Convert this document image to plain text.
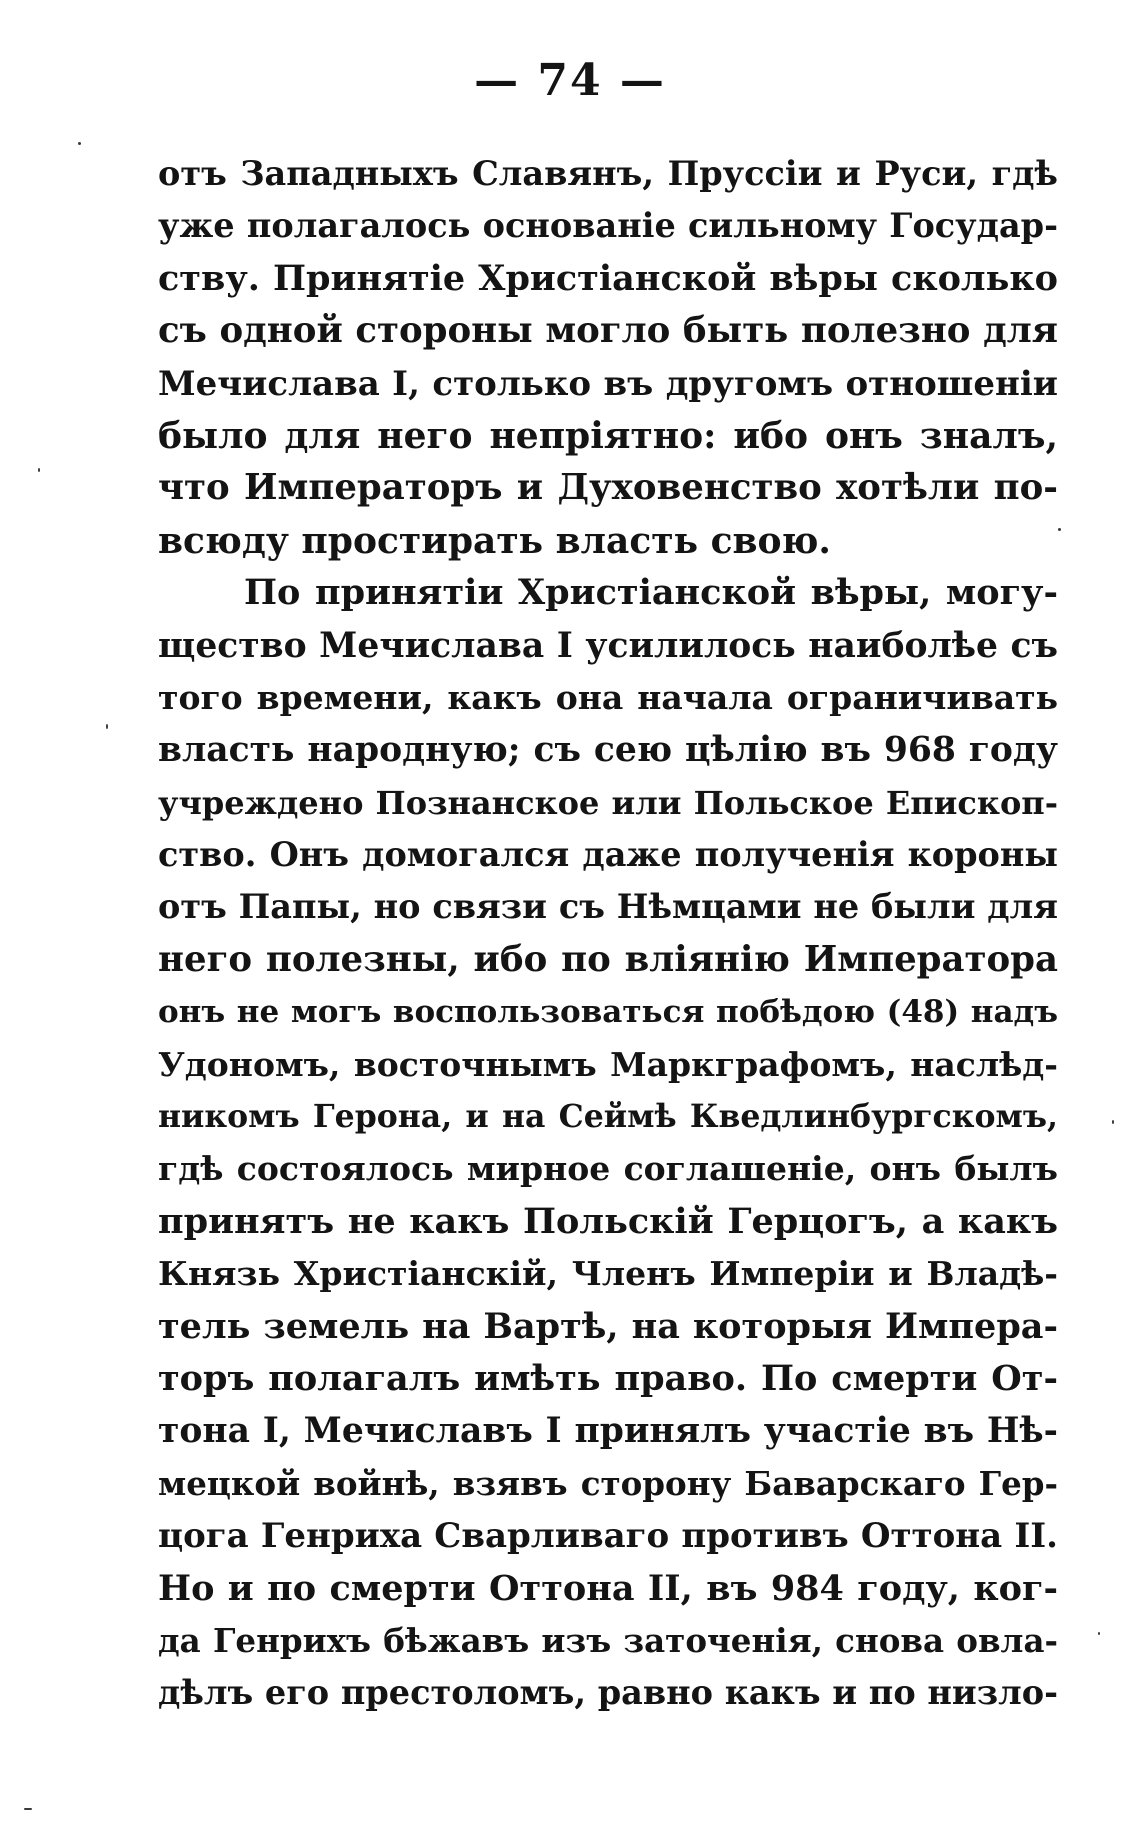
— 74 —
отъ Западныхъ Славянъ, Пруссіи и Руси, гдѣ
уже полагалось основаніе сильному Государ-
ству. Принятіе Христіанской вѣры сколько
съ одной стороны могло быть полезно для
Мечислава I, столько въ другомъ отношеніи
было для него непріятно: ибо онъ зналъ,
что Императоръ и Духовенство хотѣли по-
всюду простирать власть свою.
По принятіи Христіанской вѣры, могу-
щество Мечислава I усилилось наиболѣе съ
того времени, какъ она начала ограничивать
власть народную; съ сею цѣлію въ 968 году
учреждено Познанское или Польское Епископ-
ство. Онъ домогался даже полученія короны
отъ Папы, но связи съ Нѣмцами не были для
него полезны, ибо по вліянію Императора
онъ не могъ воспользоваться побѣдою (48) надъ
Удономъ, восточнымъ Маркграфомъ, наслѣд-
никомъ Герона, и на Сеймѣ Кведлинбургскомъ,
гдѣ состоялось мирное соглашеніе, онъ былъ
принятъ не какъ Польскій Герцогъ, а какъ
Князь Христіанскій, Членъ Имперіи и Владѣ-
тель земель на Вартѣ, на которыя Импера-
торъ полагалъ имѣть право. По смерти От-
тона I, Мечиславъ I принялъ участіе въ Нѣ-
мецкой войнѣ, взявъ сторону Баварскаго Гер-
цога Генриха Сварливаго противъ Оттона II.
Но и по смерти Оттона II, въ 984 году, ког-
да Генрихъ бѣжавъ изъ заточенія, снова овла-
дѣлъ его престоломъ, равно какъ и по низло-
